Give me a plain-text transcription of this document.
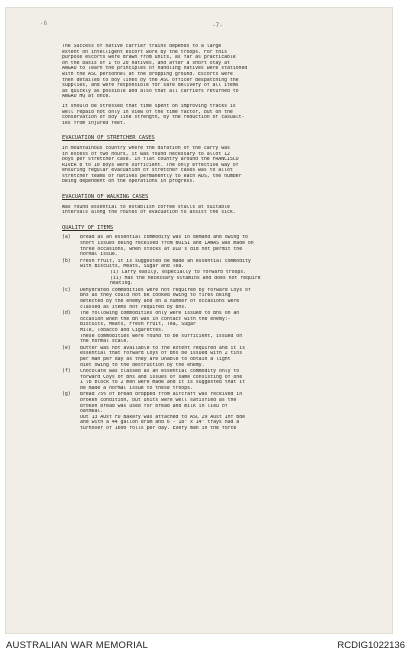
-6	-7-
The Success of native carrier trains depends to a large
extent on intelligent escort work by the troops. For this
purpose escorts were drawn from units, as far as practicable
on the basis of 1 to 20 natives, and after a short stay at
ANGAU to learn the principles of handling natives were stationed
with the ASC personnel at the dropping ground. Escorts were
then detailed to boy lines by the ASC officer despatching the
supplies, and were responsible for safe delivery of all items
as quickly as possible and also that all carriers returned to
ANGAU HQ at once.
It should be stressed that time spent on improving tracks is
well repaid not only in view of the time factor, but on the
conservation of boy line strength, by the reduction of casualt-
ies from injured feet.
EVACUATION OF STRETCHER CASES
In mountainous country where the duration of the carry was
in excess of two hours, it was found necessary to allot 12
boys per stretcher case. In flat country around the FRANCISCO
RIVER 8 to 10 boys were sufficient. The only effective way of
ensuring regular evacuation of stretcher cases was to allot
stretcher teams of natives permanently to each ADS, the number
being dependent on the operations in progress.
EVACUATION OF WALKING CASES
Was found essential to establish coffee stalls at suitable
intervals along the routes of evacuation to assist the sick.
QUALITY OF ITEMS
(a) Bread as an essential commodity was in demand and owing to
short issues being received from BOISI and LAWAS was made on
three occasions, when stocks at DID's did not permit the
normal issue.
(b) Fresh Fruit, it is suggested be made an essential commodity
with Biscuits, Meats, Sugar and Tea.
(i) Carry easily, especially to forward troops.
(ii) Has the necessary vitamins and does not require
heating.
(c) Dehydrated commodities were not required by forward Coys of
Bns as they could not be cooked owing to fires being
detected by the enemy and on a number of occasions were
classed as items not required by Bns.
(d) The following commodities only were issued to Bns on an
occasion when the Bn was in contact with the enemy:-
Biscuits, Meats, Fresh Fruit, Tea, Sugar
Milk, Tobacco and Cigarettes.
These commodities were found to be sufficient, issued on
the normal scale.
(e) Butter was not available to the extent required and it is
essential that forward Coys of Bns be issued with 2 tins
per man per day as they are unable to obtain a light
diet owing to the destruction by the enemy.
(f) Chocolate was classed as an essential commodity only to
forward Coys of Bns and issues of same consisting of one
1 lb block to 2 men were made and it is suggested that it
be made a normal issue to these troops.
(g) Bread 75% of bread dropped from aircraft was received in
broken condition, but units were well satisfied as the
broken bread was used for bread and milk in lieu of
oatmeal.
Out 13 Aust FD Bakery was attached to ASC 29 Aust Inf Bde
and with a 44 gallon drum and 6 - 18" x 14" trays had a
turnover of 1600 rolls per day. Every man in the force
AUSTRALIAN WAR MEMORIAL	RCDIG1022136
